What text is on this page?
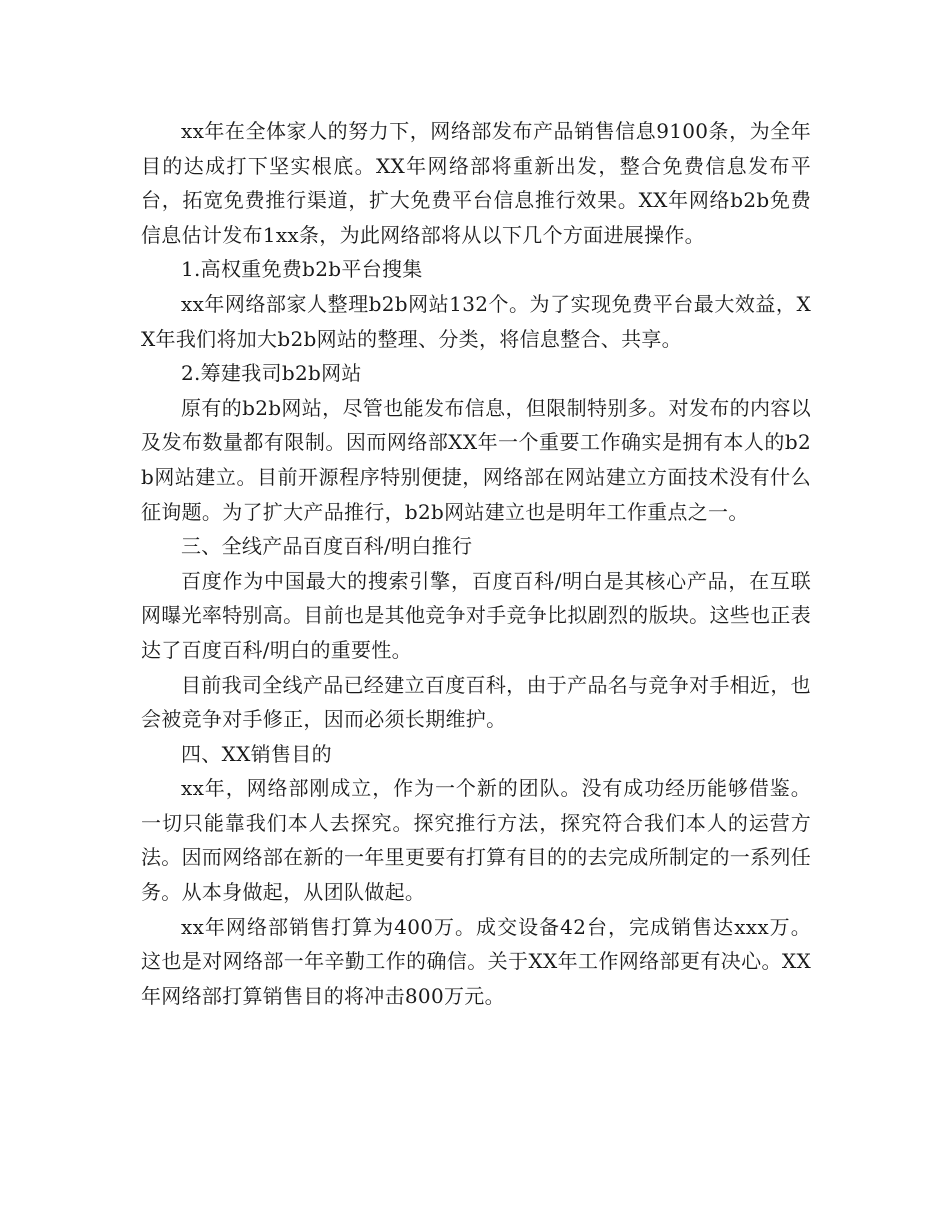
xx年在全体家人的努力下，网络部发布产品销售信息9100条，为全年目的达成打下坚实根底。XX年网络部将重新出发，整合免费信息发布平台，拓宽免费推行渠道，扩大免费平台信息推行效果。XX年网络b2b免费信息估计发布1xx条，为此网络部将从以下几个方面进展操作。

1.高权重免费b2b平台搜集

xx年网络部家人整理b2b网站132个。为了实现免费平台最大效益，XX年我们将加大b2b网站的整理、分类，将信息整合、共享。

2.筹建我司b2b网站

原有的b2b网站，尽管也能发布信息，但限制特别多。对发布的内容以及发布数量都有限制。因而网络部XX年一个重要工作确实是拥有本人的b2b网站建立。目前开源程序特别便捷，网络部在网站建立方面技术没有什么征询题。为了扩大产品推行，b2b网站建立也是明年工作重点之一。

三、全线产品百度百科/明白推行

百度作为中国最大的搜索引擎，百度百科/明白是其核心产品，在互联网曝光率特别高。目前也是其他竞争对手竞争比拟剧烈的版块。这些也正表达了百度百科/明白的重要性。

目前我司全线产品已经建立百度百科，由于产品名与竞争对手相近，也会被竞争对手修正，因而必须长期维护。

四、XX销售目的

xx年，网络部刚成立，作为一个新的团队。没有成功经历能够借鉴。一切只能靠我们本人去探究。探究推行方法，探究符合我们本人的运营方法。因而网络部在新的一年里更要有打算有目的的去完成所制定的一系列任务。从本身做起，从团队做起。

xx年网络部销售打算为400万。成交设备42台，完成销售达xxx万。这也是对网络部一年辛勤工作的确信。关于XX年工作网络部更有决心。XX年网络部打算销售目的将冲击800万元。
